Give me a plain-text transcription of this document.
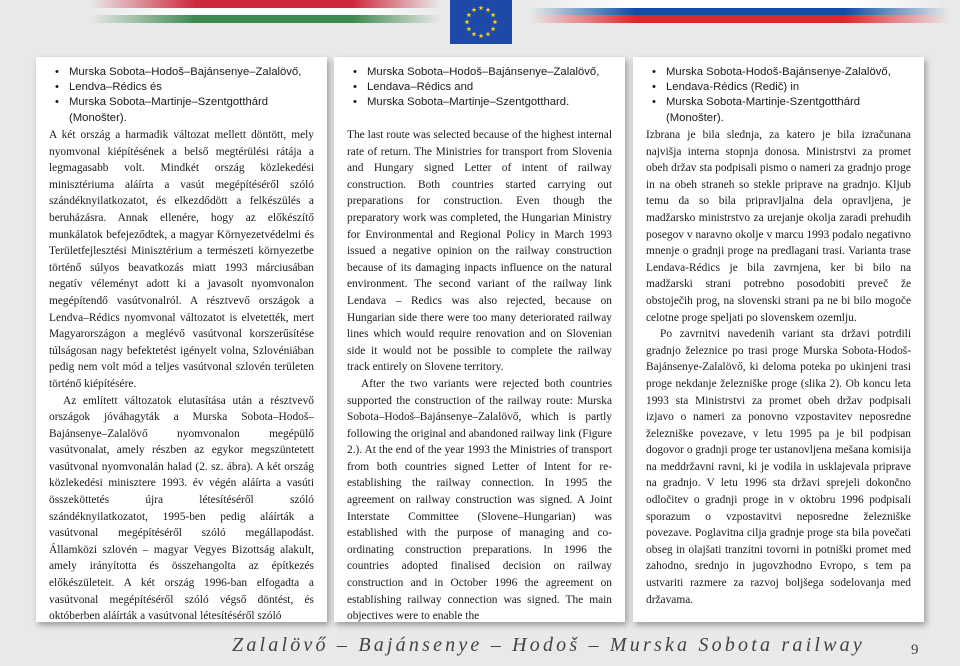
• Murska Sobota–Hodoš–Bajánsenye–Zalalövő,
• Lendva–Rédics és
• Murska Sobota–Martinje–Szentgotthárd (Monošter).

A két ország a harmadik változat mellett döntött, mely nyomvonal kiépítésének a belső megtérülési rátája a legmagasabb volt. Mindkét ország közlekedési minisztériuma aláírta a vasút megépítéséről szóló szándéknyilatkozatot, és elkezdődött a felkészülés a beruházásra. Annak ellenére, hogy az előkészítő munkálatok befejeződtek, a magyar Környezetvédelmi és Területfejlesztési Minisztérium a természeti környezetbe történő súlyos beavatkozás miatt 1993 márciusában negatív véleményt adott ki a javasolt nyomvonalon megépítendő vasútvonalról. A résztvevő országok a Lendva–Rédics nyomvonal változatot is elvetették, mert Magyarországon a meglévő vasútvonal korszerűsítése túlságosan nagy befektetést igényelt volna, Szlovéniában pedig nem volt mód a teljes vasútvonal szlovén területen történő kiépítésére.

Az említett változatok elutasítása után a résztvevő országok jóváhagyták a Murska Sobota–Hodoš–Bajánsenye–Zalalövő nyomvonalon megépülő vasútvonalat, amely részben az egykor megszüntetett vasútvonal nyomvonalán halad (2. sz. ábra). A két ország közlekedési minisztere 1993. év végén aláírta a vasúti összeköttetés újra létesítéséről szóló szándéknyilatkozatot, 1995-ben pedig aláírták a vasútvonal megépítéséről szóló megállapodást. Államközi szlovén – magyar Vegyes Bizottság alakult, amely irányította és összehangolta az építkezés előkészületeit. A két ország 1996-ban elfogadta a vasútvonal megépítéséről szóló végső döntést, és októberben aláírták a vasútvonal létesítéséről szóló

• Murska Sobota–Hodoš–Bajánsenye–Zalalövő,
• Lendava–Rédics and
• Murska Sobota–Martinje–Szentgotthard.

The last route was selected because of the highest internal rate of return. The Ministries for transport from Slovenia and Hungary signed Letter of intent of railway construction. Both countries started carrying out preparations for construction. Even though the preparatory work was completed, the Hungarian Ministry for Environmental and Regional Policy in March 1993 issued a negative opinion on the railway construction because of its damaging inpacts influence on the natural environment. The second variant of the railway link Lendava – Redics was also rejected, because on Hungarian side there were too many deteriorated railway lines which would require renovation and on Slovenian side it would not be possible to complete the railway track entirely on Slovene territory.

After the two variants were rejected both countries supported the construction of the railway route: Murska Sobota–Hodoš–Bajánsenye–Zalalövő, which is partly following the original and abandoned railway link (Figure 2.). At the end of the year 1993 the Ministries of transport from both countries signed Letter of Intent for re-establishing the railway connection. In 1995 the agreement on railway construction was signed. A Joint Interstate Committee (Slovene–Hungarian) was established with the purpose of managing and co-ordinating construction preparations. In 1996 the countries adopted finalised decision on railway construction and in October 1996 the agreement on establishing railway connection was signed. The main objectives were to enable the

• Murska Sobota-Hodoš-Bajánsenye-Zalalövő,
• Lendava-Rédics (Redič) in
• Murska Sobota-Martinje-Szentgotthárd (Monošter).

Izbrana je bila slednja, za katero je bila izračunana najvišja interna stopnja donosa. Ministrstvi za promet obeh držav sta podpisali pismo o nameri za gradnjo proge in na obeh straneh so stekle priprave na gradnjo. Kljub temu da so bila pripravljalna dela opravljena, je madžarsko ministrstvo za urejanje okolja zaradi prehudih posegov v naravno okolje v marcu 1993 podalo negativno mnenje o gradnji proge na predlagani trasi. Varianta trase Lendava-Rédics je bila zavrnjena, ker bi bilo na madžarski strani potrebno posodobiti preveč že obstoječih prog, na slovenski strani pa ne bi bilo mogoče celotne proge speljati po slovenskem ozemlju.

Po zavrnitvi navedenih variant sta državi potrdili gradnjo železnice po trasi proge Murska Sobota-Hodoš-Bajánsenye-Zalalövő, ki deloma poteka po ukinjeni trasi proge nekdanje železniške proge (slika 2). Ob koncu leta 1993 sta Ministrstvi za promet obeh držav podpisali izjavo o nameri za ponovno vzpostavitev neposredne železniške povezave, v letu 1995 pa je bil podpisan dogovor o gradnji proge ter ustanovljena mešana komisija na meddržavni ravni, ki je vodila in usklajevala priprave na gradnjo. V letu 1996 sta državi sprejeli dokončno odločitev o gradnji proge in v oktobru 1996 podpisali sporazum o vzpostavitvi neposredne železniške povezave. Poglavitna cilja gradnje proge sta bila povečati obseg in olajšati tranzitni tovorni in potniški promet med zahodno, srednjo in jugovzhodno Evropo, s tem pa ustvariti razmere za razvoj boljšega sodelovanja med državama.

Zalalövő – Bajánsenye – Hodoš – Murska Sobota railway	9
